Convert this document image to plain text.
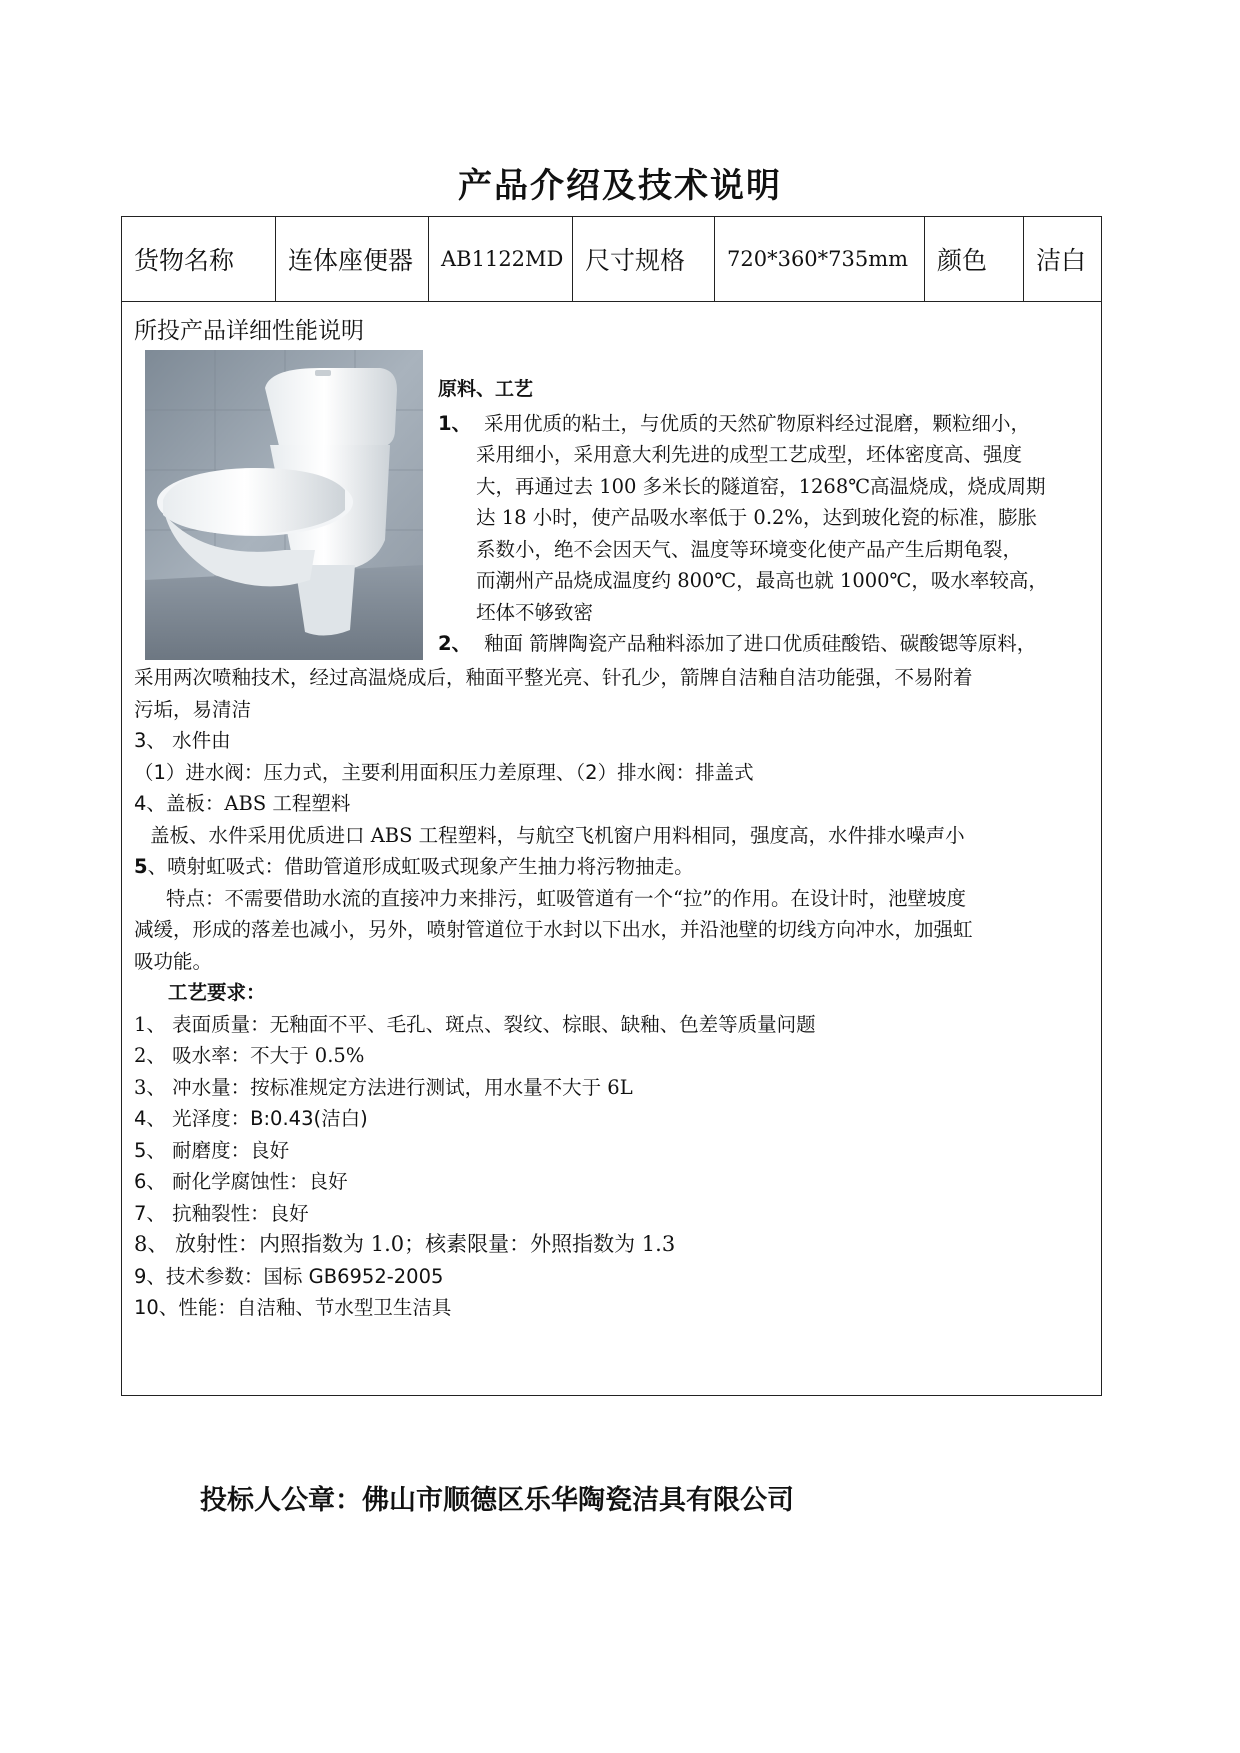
产品介绍及技术说明
货物名称	连体座便器	AB1122MD 尺寸规格	720*360*735mm	颜色	洁白
所投产品详细性能说明

原料、工艺

1、 采用优质的粘土，与优质的天然矿物原料经过混磨，颗粒细小，

采用细小，采用意大利先进的成型工艺成型，坯体密度高、强度

大，再通过去 100 多米长的隧道窑，1268℃高温烧成，烧成周期

达 18 小时，使产品吸水率低于 0.2%，达到玻化瓷的标准，膨胀

系数小，绝不会因天气、温度等环境变化使产品产生后期龟裂，

而潮州产品烧成温度约 800℃，最高也就 1000℃，吸水率较高，

坯体不够致密

2、 釉面 箭牌陶瓷产品釉料添加了进口优质硅酸锆、碳酸锶等原料，

采用两次喷釉技术，经过高温烧成后，釉面平整光亮、针孔少，箭牌自洁釉自洁功能强，不易附着

污垢，易清洁

3、 水件由

（1）进水阀：压力式，主要利用面积压力差原理、（2）排水阀：排盖式

4、盖板：ABS 工程塑料

盖板、水件采用优质进口 ABS 工程塑料，与航空飞机窗户用料相同，强度高，水件排水噪声小

5、喷射虹吸式：借助管道形成虹吸式现象产生抽力将污物抽走。

特点：不需要借助水流的直接冲力来排污，虹吸管道有一个“拉”的作用。在设计时，池壁坡度

减缓，形成的落差也减小，另外，喷射管道位于水封以下出水，并沿池壁的切线方向冲水，加强虹

吸功能。

工艺要求：

1、 表面质量：无釉面不平、毛孔、斑点、裂纹、棕眼、缺釉、色差等质量问题

2、 吸水率：不大于 0.5%

3、 冲水量：按标准规定方法进行测试，用水量不大于 6L

4、 光泽度：B:0.43(洁白)

5、 耐磨度：良好

6、 耐化学腐蚀性：良好

7、 抗釉裂性：良好

8、 放射性：内照指数为 1.0；核素限量：外照指数为 1.3

9、技术参数：国标 GB6952-2005

10、性能：自洁釉、节水型卫生洁具

投标人公章：佛山市顺德区乐华陶瓷洁具有限公司
